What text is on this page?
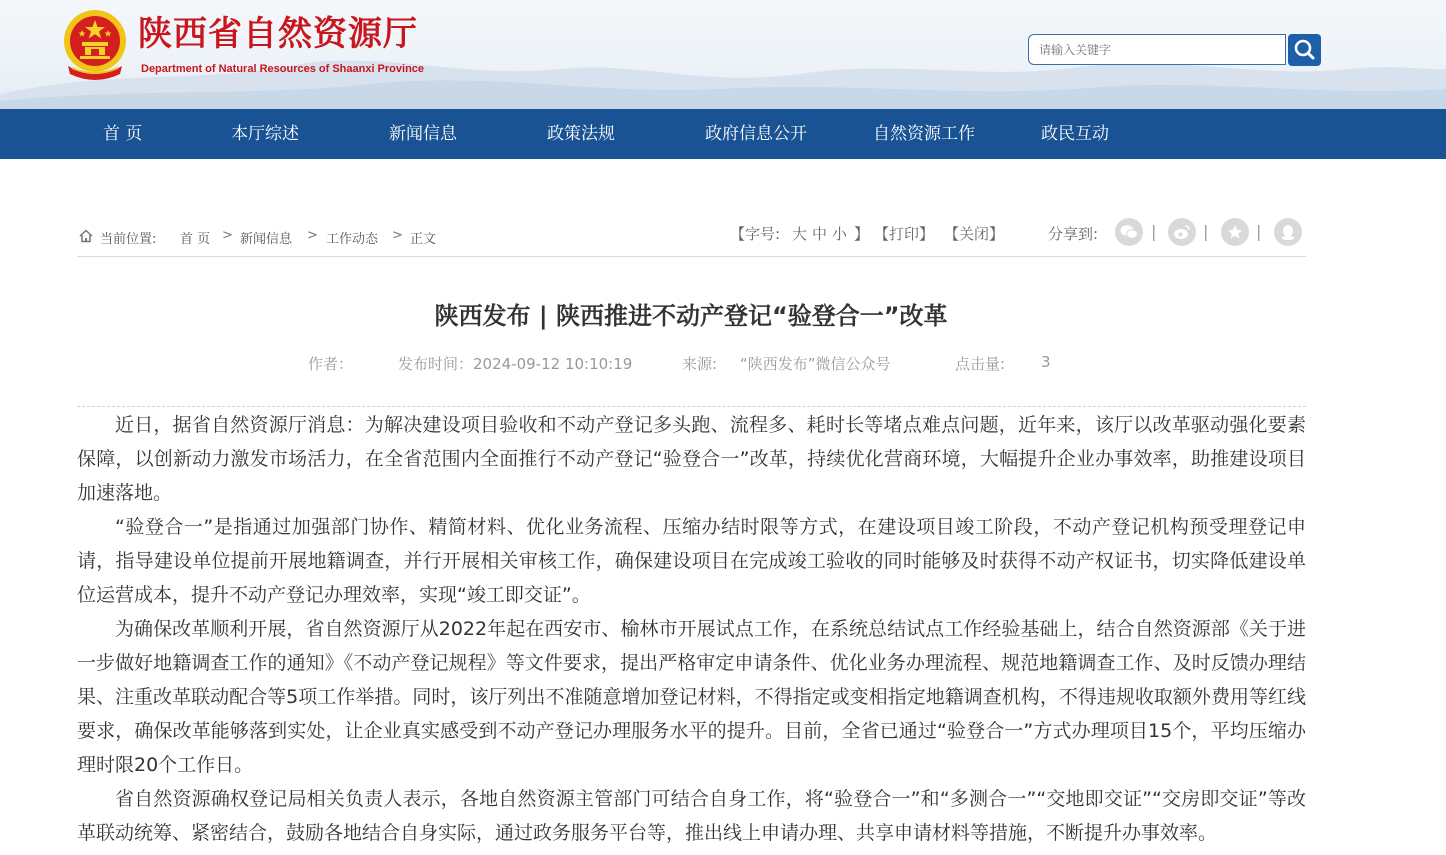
陕西省自然资源厅
Department of Natural Resources of Shaanxi Province
请输入关键字
首 页	本厅综述	新闻信息	政策法规	政府信息公开	自然资源工作	政民互动
当前位置: 首 页 > 新闻信息 > 工作动态 > 正文	【字号: 大 中 小 】 【打印】 【关闭】	分享到:	|	|	|
陕西发布 | 陕西推进不动产登记“验登合一”改革
作者：	发布时间：2024-09-12 10:10:19	来源: “陕西发布”微信公众号	点击量: 3

近日，据省自然资源厅消息：为解决建设项目验收和不动产登记多头跑、流程多、耗时长等堵点难点问题，近年来，该厅以改革驱动强化要素保障，以创新动力激发市场活力，在全省范围内全面推行不动产登记“验登合一”改革，持续优化营商环境，大幅提升企业办事效率，助推建设项目加速落地。

“验登合一”是指通过加强部门协作、精简材料、优化业务流程、压缩办结时限等方式，在建设项目竣工阶段，不动产登记机构预受理登记申请，指导建设单位提前开展地籍调查，并行开展相关审核工作，确保建设项目在完成竣工验收的同时能够及时获得不动产权证书，切实降低建设单位运营成本，提升不动产登记办理效率，实现“竣工即交证”。

为确保改革顺利开展，省自然资源厅从2022年起在西安市、榆林市开展试点工作，在系统总结试点工作经验基础上，结合自然资源部《关于进一步做好地籍调查工作的通知》《不动产登记规程》等文件要求，提出严格审定申请条件、优化业务办理流程、规范地籍调查工作、及时反馈办理结果、注重改革联动配合等5项工作举措。同时，该厅列出不准随意增加登记材料，不得指定或变相指定地籍调查机构，不得违规收取额外费用等红线要求，确保改革能够落到实处，让企业真实感受到不动产登记办理服务水平的提升。目前，全省已通过“验登合一”方式办理项目15个，平均压缩办理时限20个工作日。

省自然资源确权登记局相关负责人表示，各地自然资源主管部门可结合自身工作，将“验登合一”和“多测合一”“交地即交证”“交房即交证”等改革联动统筹、紧密结合，鼓励各地结合自身实际，通过政务服务平台等，推出线上申请办理、共享申请材料等措施，不断提升办事效率。
